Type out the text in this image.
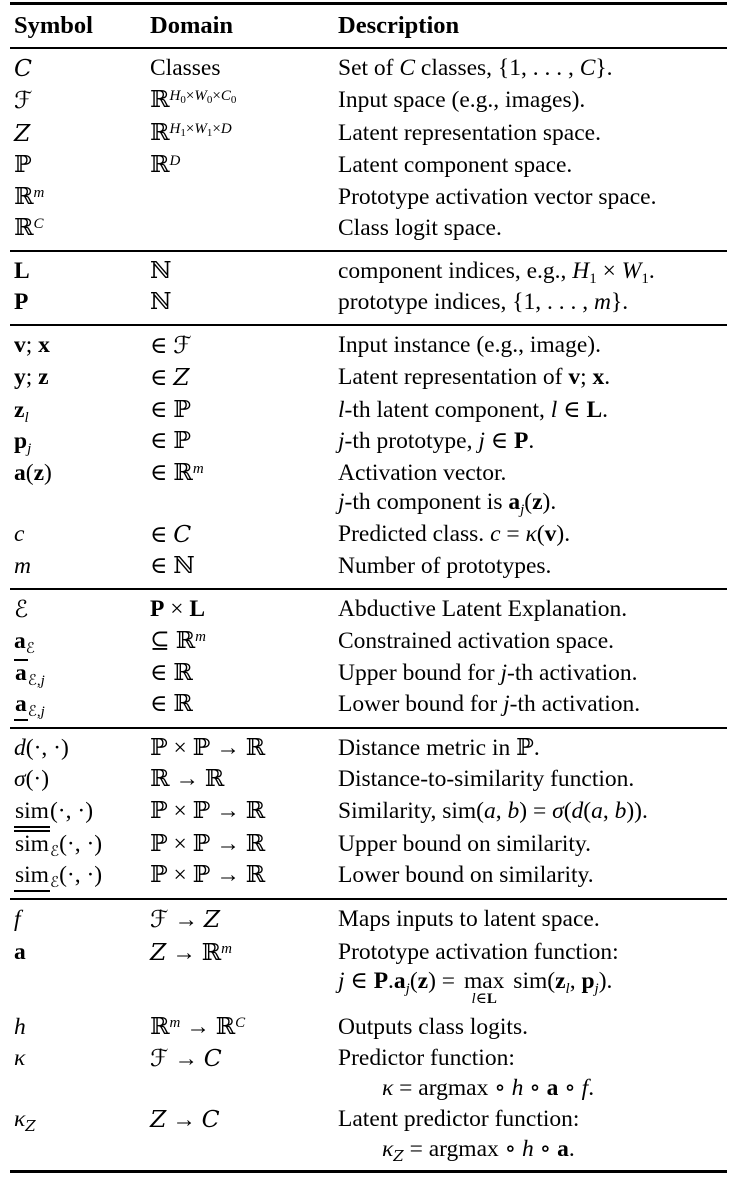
Symbol	Domain	Description
C	Classes	Set of C classes, {1, . . . , C}.
ℱ	ℝ$^{H_0\times W_0\times C_0}$	Input space (e.g., images).
Z	ℝ$^{H_1\times W_1\times D}$	Latent representation space.
ℙ	ℝ$^D$	Latent component space.
ℝ$^m$		Prototype activation vector space.
ℝ$^C$		Class logit space.
L	ℕ	component indices, e.g., $H_1 \times W_1$.
P	ℕ	prototype indices, {1, . . . , m}.
v; x	∈ ℱ	Input instance (e.g., image).
y; z	∈ Z	Latent representation of v; x.
$z_l$	∈ ℙ	l-th latent component, l ∈ L.
$p_j$	∈ ℙ	j-th prototype, j ∈ P.
a(z)	∈ ℝ$^m$	Activation vector.
j-th component is $a_j(z)$.
c	∈ C	Predicted class. c = κ(v).
m	∈ ℕ	Number of prototypes.
ℰ	P × L	Abductive Latent Explanation.
$a_ℰ$	⊆ ℝ$^m$	Constrained activation space.
$a_{ℰ,j}$	∈ ℝ	Upper bound for j-th activation.
$a_{ℰ,j}$	∈ ℝ	Lower bound for j-th activation.
d(·, ·)	ℙ × ℙ → ℝ	Distance metric in ℙ.
σ(·)	ℝ → ℝ	Distance-to-similarity function.
sim(·, ·)	ℙ × ℙ → ℝ	Similarity, sim(a, b) = σ(d(a, b)).
sim$_ℰ$(·, ·)	ℙ × ℙ → ℝ	Upper bound on similarity.
sim$_ℰ$(·, ·)	ℙ × ℙ → ℝ	Lower bound on similarity.
f	ℱ → Z	Maps inputs to latent space.
a	Z → ℝ$^m$	Prototype activation function:
j ∈ $P.a_j(z) = \max$
l∈L
$sim(z_l$, $p_j$).
h	ℝ$^m$ → ℝ$^C$	Outputs class logits.
κ	ℱ → C	Predictor function:
κ = argmax ∘ h ∘ a ∘ f.
$\kappa_Z$	Z → C	Latent predictor function:
$\kappa_Z = argmax$ ∘ h ∘ a.
